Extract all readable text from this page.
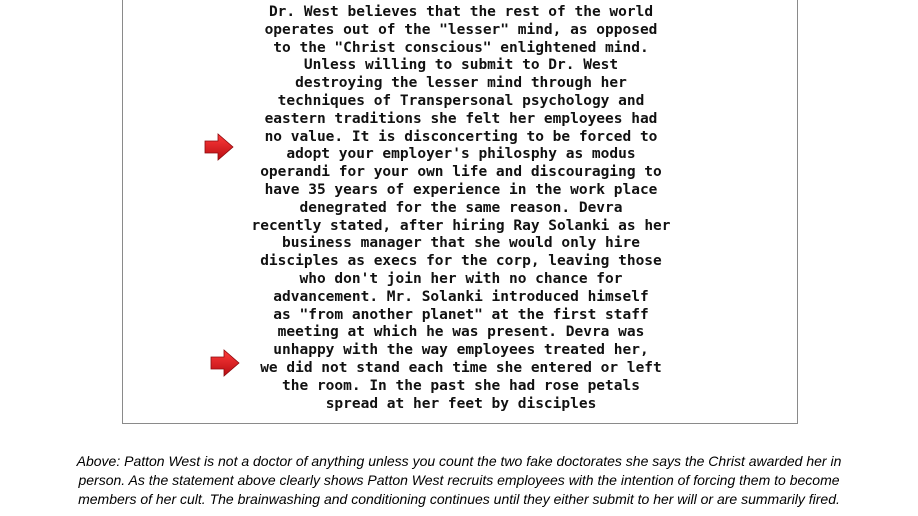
Dr. West believes that the rest of the world
operates out of the "lesser" mind, as opposed
to the "Christ conscious" enlightened mind.
Unless willing to submit to Dr. West
destroying the lesser mind through her
techniques of Transpersonal psychology and
eastern traditions she felt her employees had
no value. It is disconcerting to be forced to
adopt your employer's philosphy as modus
operandi for your own life and discouraging to
have 35 years of experience in the work place
denegrated for the same reason. Devra
recently stated, after hiring Ray Solanki as her
business manager that she would only hire
disciples as execs for the corp, leaving those
who don't join her with no chance for
advancement. Mr. Solanki introduced himself
as "from another planet" at the first staff
meeting at which he was present. Devra was
unhappy with the way employees treated her,
we did not stand each time she entered or left
the room. In the past she had rose petals
spread at her feet by disciples

Above: Patton West is not a doctor of anything unless you count the two fake doctorates she says the Christ awarded her in
person. As the statement above clearly shows Patton West recruits employees with the intention of forcing them to become
members of her cult. The brainwashing and conditioning continues until they either submit to her will or are summarily fired.
